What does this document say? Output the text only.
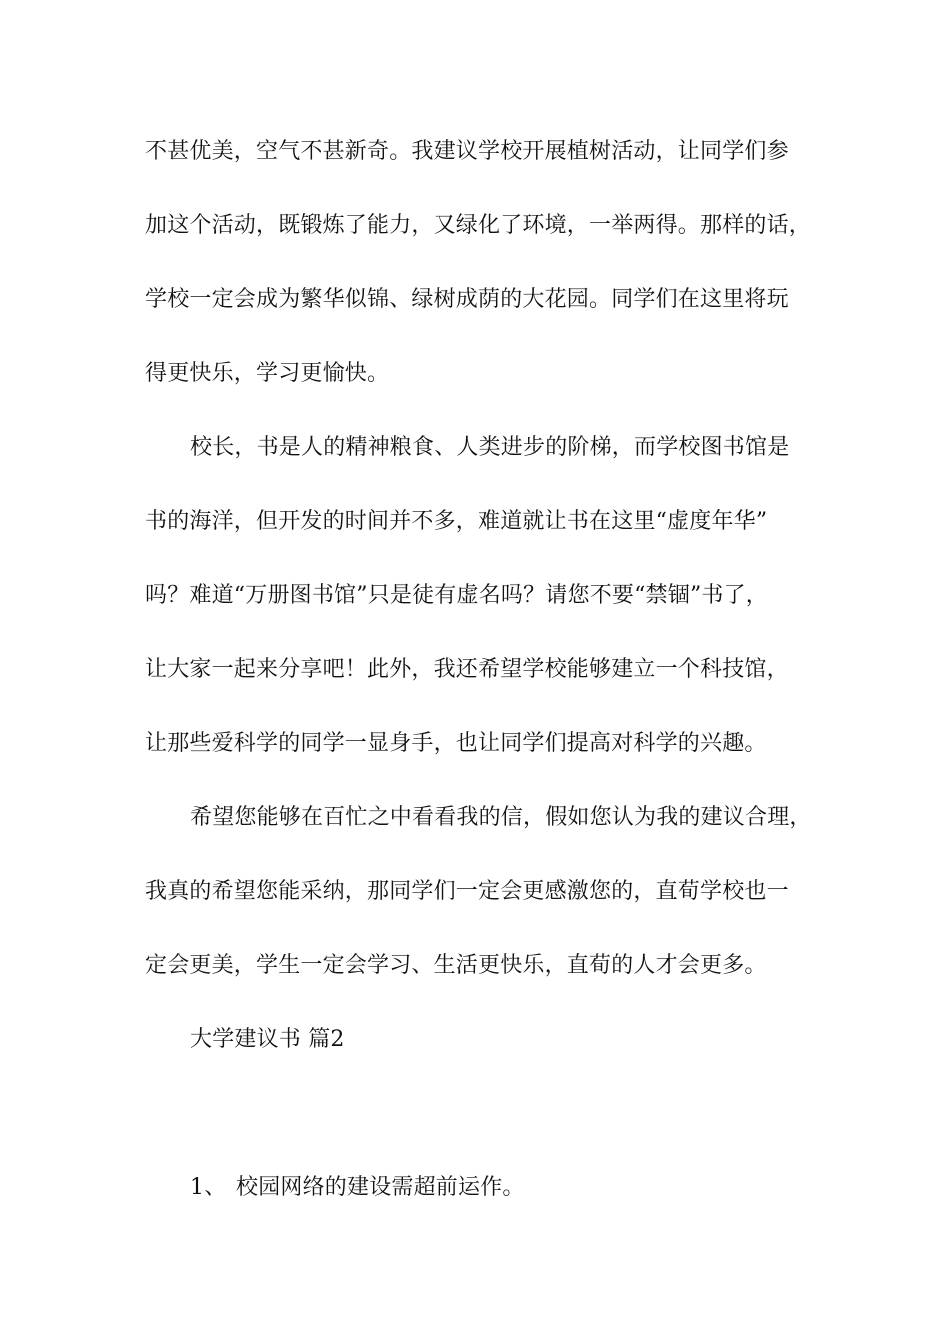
不甚优美，空气不甚新奇。我建议学校开展植树活动，让同学们参
加这个活动，既锻炼了能力，又绿化了环境，一举两得。那样的话，
学校一定会成为繁华似锦、绿树成荫的大花园。同学们在这里将玩
得更快乐，学习更愉快。
校长，书是人的精神粮食、人类进步的阶梯，而学校图书馆是
书的海洋，但开发的时间并不多，难道就让书在这里“虚度年华”
吗？难道“万册图书馆”只是徒有虚名吗？请您不要“禁锢”书了，
让大家一起来分享吧！此外，我还希望学校能够建立一个科技馆，
让那些爱科学的同学一显身手，也让同学们提高对科学的兴趣。
希望您能够在百忙之中看看我的信，假如您认为我的建议合理，
我真的希望您能采纳，那同学们一定会更感激您的，直荀学校也一
定会更美，学生一定会学习、生活更快乐，直荀的人才会更多。
大学建议书 篇2
1、 校园网络的建设需超前运作。
